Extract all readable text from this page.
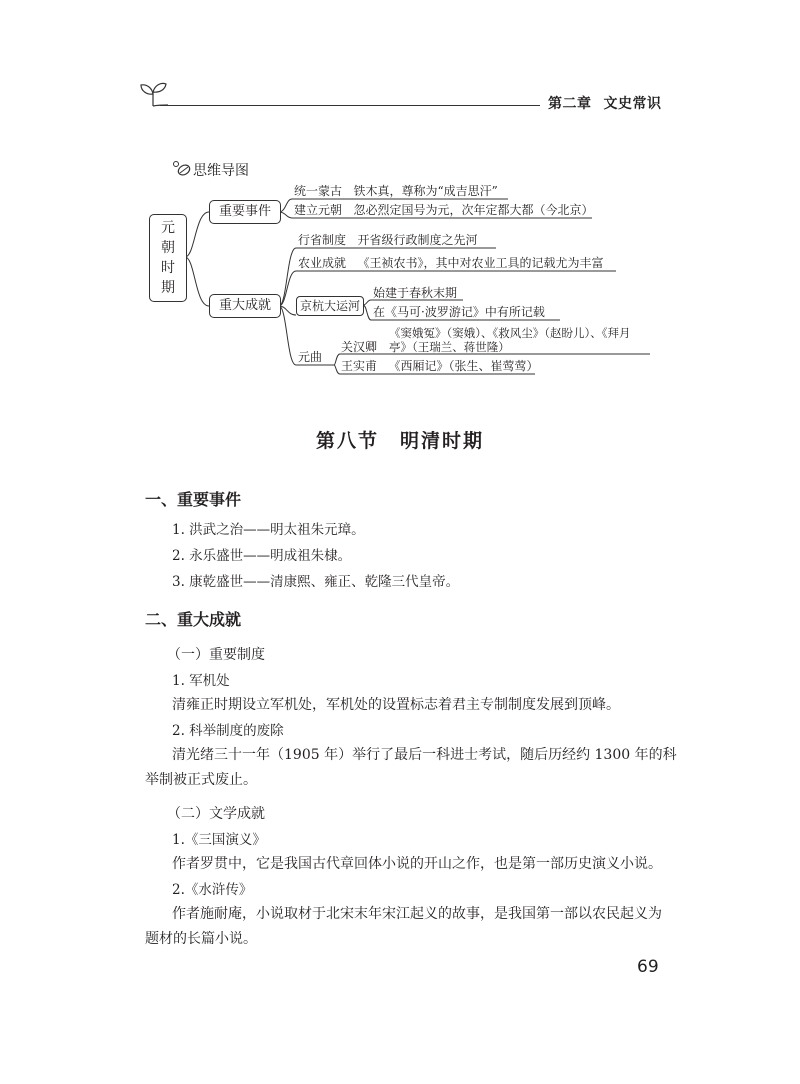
第二章 文史常识
思维导图
元
朝
时
期
重要事件
重大成就
统一蒙古 铁木真，尊称为“成吉思汗”
建立元朝 忽必烈定国号为元，次年定都大都（今北京）
行省制度 开省级行政制度之先河
农业成就 《王祯农书》，其中对农业工具的记载尤为丰富
京杭大运河
始建于春秋末期
在《马可·波罗游记》中有所记载
元曲
关汉卿
《窦娥冤》（窦娥）、《救风尘》（赵盼儿）、《拜月
亭》（王瑞兰、蒋世隆）
王实甫 《西厢记》（张生、崔莺莺）
第八节　明清时期
一、重要事件
1. 洪武之治——明太祖朱元璋。
2. 永乐盛世——明成祖朱棣。
3. 康乾盛世——清康熙、雍正、乾隆三代皇帝。
二、重大成就
（一）重要制度
1. 军机处
清雍正时期设立军机处，军机处的设置标志着君主专制制度发展到顶峰。
2. 科举制度的废除
清光绪三十一年（1905 年）举行了最后一科进士考试，随后历经约 1300 年的科
举制被正式废止。
（二）文学成就
1.《三国演义》
作者罗贯中，它是我国古代章回体小说的开山之作，也是第一部历史演义小说。
2.《水浒传》
作者施耐庵，小说取材于北宋末年宋江起义的故事，是我国第一部以农民起义为
题材的长篇小说。
69
